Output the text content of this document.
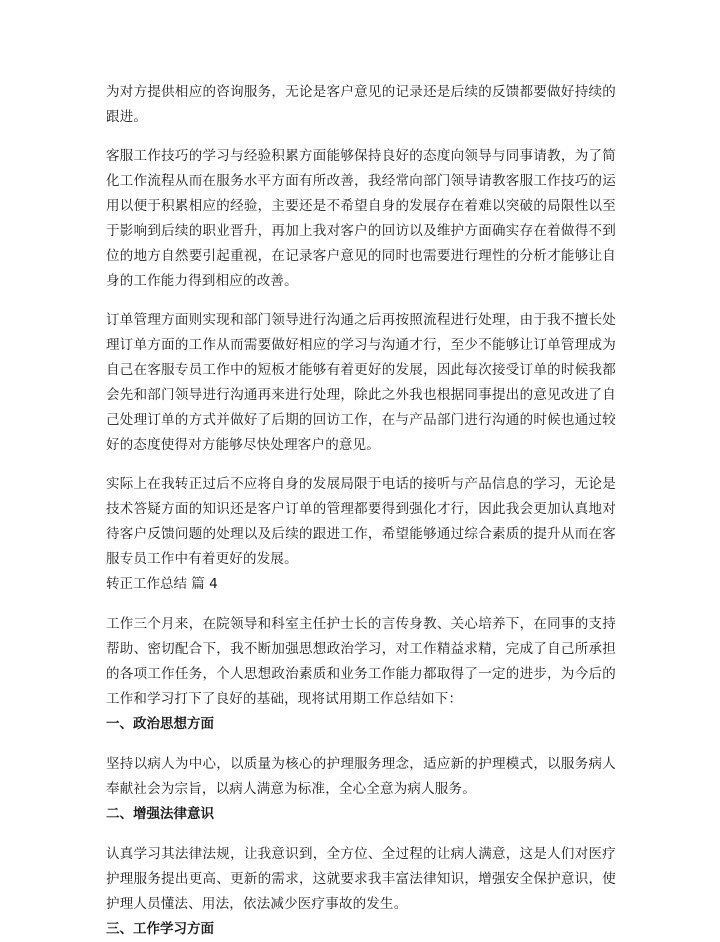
为对方提供相应的咨询服务，无论是客户意见的记录还是后续的反馈都要做好持续的跟进。

客服工作技巧的学习与经验积累方面能够保持良好的态度向领导与同事请教，为了简化工作流程从而在服务水平方面有所改善，我经常向部门领导请教客服工作技巧的运用以便于积累相应的经验，主要还是不希望自身的发展存在着难以突破的局限性以至于影响到后续的职业晋升，再加上我对客户的回访以及维护方面确实存在着做得不到位的地方自然要引起重视，在记录客户意见的同时也需要进行理性的分析才能够让自身的工作能力得到相应的改善。

订单管理方面则实现和部门领导进行沟通之后再按照流程进行处理，由于我不擅长处理订单方面的工作从而需要做好相应的学习与沟通才行，至少不能够让订单管理成为自己在客服专员工作中的短板才能够有着更好的发展，因此每次接受订单的时候我都会先和部门领导进行沟通再来进行处理，除此之外我也根据同事提出的意见改进了自己处理订单的方式并做好了后期的回访工作，在与产品部门进行沟通的时候也通过较好的态度使得对方能够尽快处理客户的意见。

实际上在我转正过后不应将自身的发展局限于电话的接听与产品信息的学习，无论是技术答疑方面的知识还是客户订单的管理都要得到强化才行，因此我会更加认真地对待客户反馈问题的处理以及后续的跟进工作，希望能够通过综合素质的提升从而在客服专员工作中有着更好的发展。

转正工作总结 篇 4

工作三个月来，在院领导和科室主任护士长的言传身教、关心培养下，在同事的支持帮助、密切配合下，我不断加强思想政治学习，对工作精益求精，完成了自己所承担的各项工作任务，个人思想政治素质和业务工作能力都取得了一定的进步，为今后的工作和学习打下了良好的基础，现将试用期工作总结如下：

一、政治思想方面

坚持以病人为中心，以质量为核心的护理服务理念，适应新的护理模式，以服务病人奉献社会为宗旨，以病人满意为标准，全心全意为病人服务。

二、增强法律意识

认真学习其法律法规，让我意识到，全方位、全过程的让病人满意，这是人们对医疗护理服务提出更高、更新的需求，这就要求我丰富法律知识，增强安全保护意识，使护理人员懂法、用法，依法减少医疗事故的发生。

三、工作学习方面
